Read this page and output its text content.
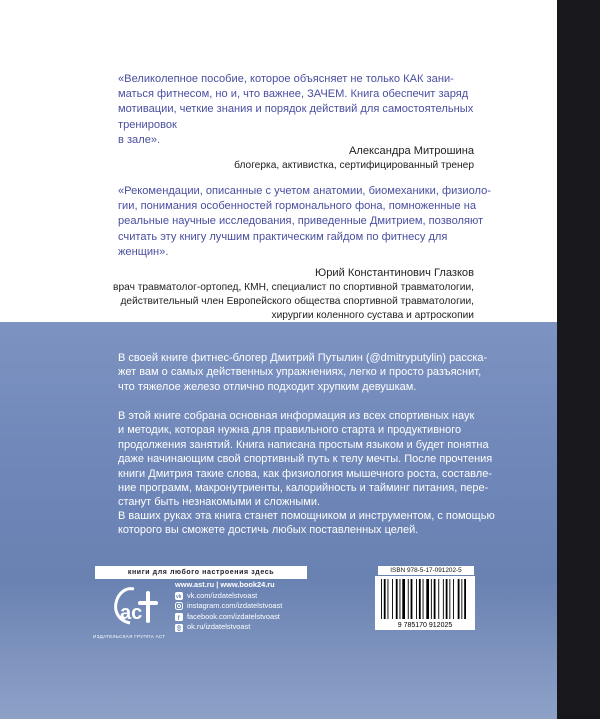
«Великолепное пособие, которое объясняет не только КАК зани-
маться фитнесом, но и, что важнее, ЗАЧЕМ. Книга обеспечит заряд
мотивации, четкие знания и порядок действий для самостоятельных
тренировок
в зале».
Александра Митрошина
блогерка, активистка, сертифицированный тренер
«Рекомендации, описанные с учетом анатомии, биомеханики, физиоло-
гии, понимания особенностей гормонального фона, помноженные на
реальные научные исследования, приведенные Дмитрием, позволяют
считать эту книгу лучшим практическим гайдом по фитнесу для
женщин».
Юрий Константинович Глазков
врач травматолог-ортопед, КМН, специалист по спортивной травматологии,
действительный член Европейского общества спортивной травматологии,
хирургии коленного сустава и артроскопии
В своей книге фитнес-блогер Дмитрий Путылин (@dmitryputylin) расска-
жет вам о самых действенных упражнениях, легко и просто разъяснит,
что тяжелое железо отлично подходит хрупким девушкам.
В этой книге собрана основная информация из всех спортивных наук
и методик, которая нужна для правильного старта и продуктивного
продолжения занятий. Книга написана простым языком и будет понятна
даже начинающим свой спортивный путь к телу мечты. После прочтения
книги Дмитрия такие слова, как физиология мышечного роста, составле-
ние программ, макронутриенты, калорийность и тайминг питания, пере-
станут быть незнакомыми и сложными.
В ваших руках эта книга станет помощником и инструментом, с помощью
которого вы сможете достичь любых поставленных целей.
книги для любого настроения здесь
ac
ИЗДАТЕЛЬСКАЯ ГРУППА АСТ
www.ast.ru | www.book24.ru
vk vk.com/izdatelstvoast
instagram.com/izdatelstvoast
f facebook.com/izdatelstvoast
ok.ru/izdatelstvoast
ISBN 978-5-17-091202-5
9 785170 912025
